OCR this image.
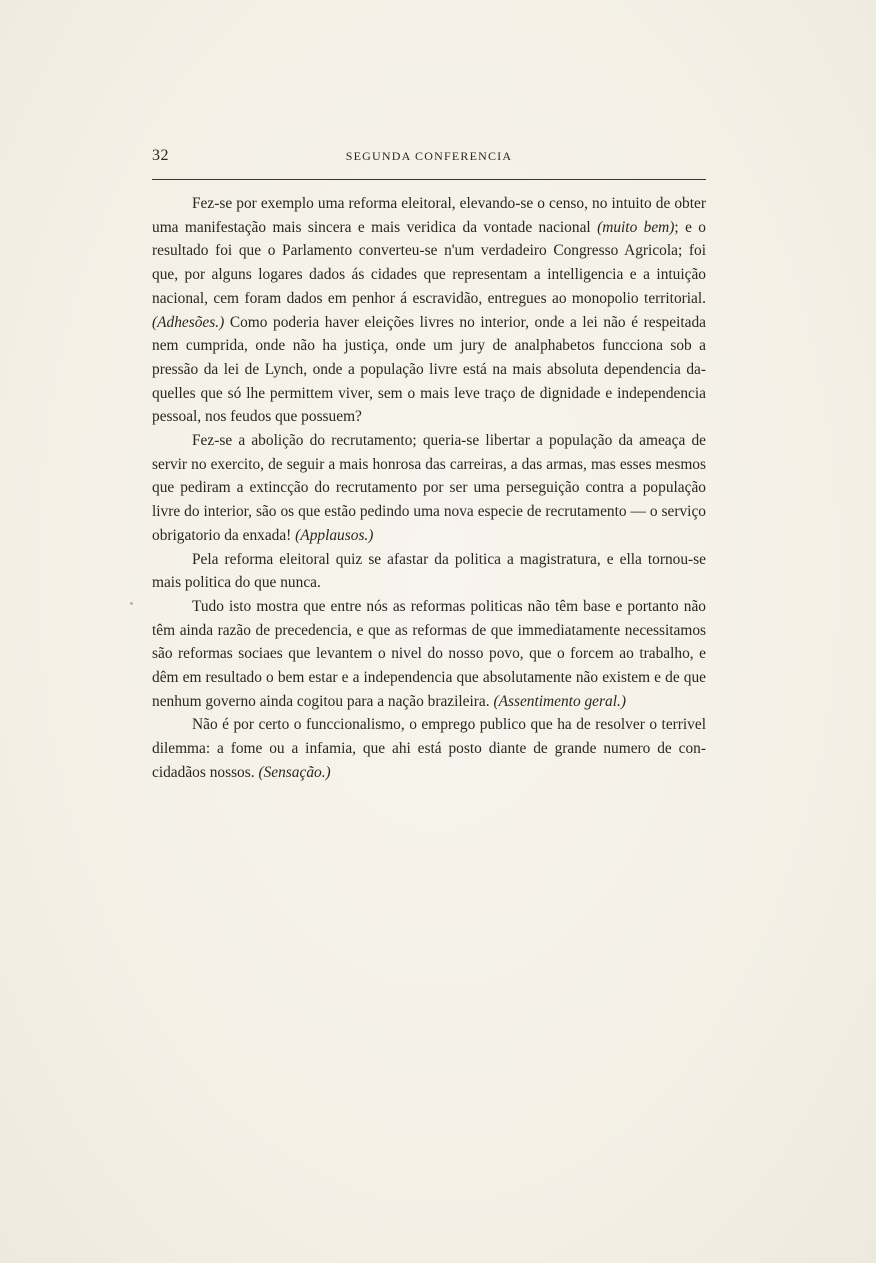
32	SEGUNDA CONFERENCIA

Fez-se por exemplo uma reforma eleitoral, elevando-se o censo, no intuito de obter uma manifestação mais sincera e mais veridica da vontade nacional (muito bem); e o resultado foi que o Parlamento converteu-se n'um verdadeiro Congresso Agricola; foi que, por alguns logares dados ás cidades que representam a intelligencia e a intuição nacional, cem foram dados em penhor á escravidão, entregues ao monopolio territorial. (Adhesões.) Como poderia haver eleições livres no interior, onde a lei não é respeitada nem cumprida, onde não ha justiça, onde um jury de analphabetos funcciona sob a pressão da lei de Lynch, onde a população livre está na mais absoluta dependencia daquelles que só lhe permittem viver, sem o mais leve traço de dignidade e independencia pessoal, nos feudos que possuem?

Fez-se a abolição do recrutamento; queria-se libertar a população da ameaça de servir no exercito, de seguir a mais honrosa das carreiras, a das armas, mas esses mesmos que pediram a extincção do recrutamento por ser uma perseguição contra a população livre do interior, são os que estão pedindo uma nova especie de recrutamento — o serviço obrigatorio da enxada! (Applausos.)

Pela reforma eleitoral quiz se afastar da politica a magistratura, e ella tornou-se mais politica do que nunca.

Tudo isto mostra que entre nós as reformas politicas não têm base e portanto não têm ainda razão de precedencia, e que as reformas de que immediatamente necessitamos são reformas sociaes que levantem o nivel do nosso povo, que o forcem ao trabalho, e dêm em resultado o bem estar e a independencia que absolutamente não existem e de que nenhum governo ainda cogitou para a nação brazileira. (Assentimento geral.)

Não é por certo o funccionalismo, o emprego publico que ha de resolver o terrivel dilemma: a fome ou a infamia, que ahi está posto diante de grande numero de concidadãos nossos. (Sensação.)
